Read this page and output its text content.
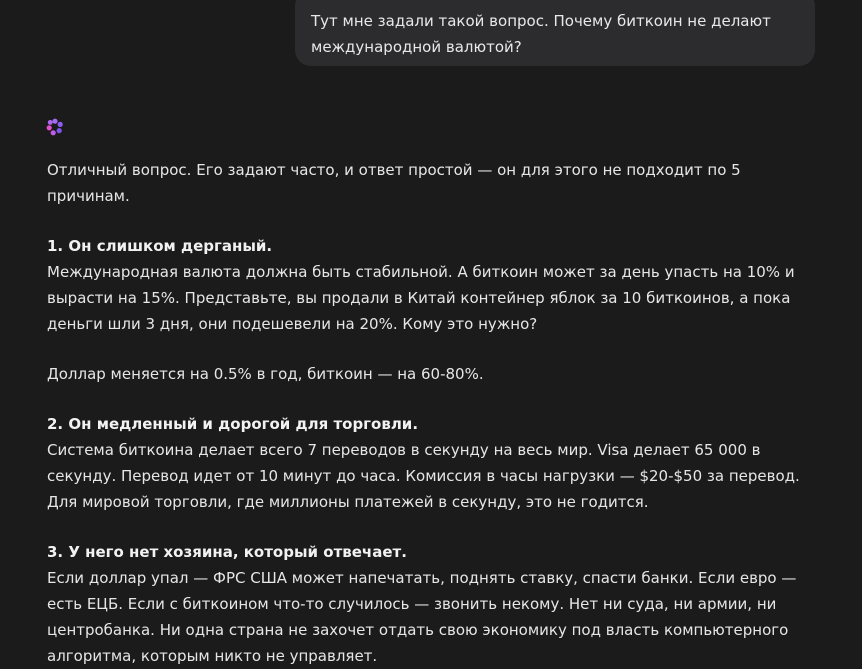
Тут мне задали такой вопрос. Почему биткоин не делают международной валютой?

Отличный вопрос. Его задают часто, и ответ простой — он для этого не подходит по 5 причинам.

1. Он слишком дерганый.

Международная валюта должна быть стабильной. А биткоин может за день упасть на 10% и вырасти на 15%. Представьте, вы продали в Китай контейнер яблок за 10 биткоинов, а пока деньги шли 3 дня, они подешевели на 20%. Кому это нужно?

Доллар меняется на 0.5% в год, биткоин — на 60-80%.

2. Он медленный и дорогой для торговли.

Система биткоина делает всего 7 переводов в секунду на весь мир. Visa делает 65 000 в секунду. Перевод идет от 10 минут до часа. Комиссия в часы нагрузки — $20-$50 за перевод. Для мировой торговли, где миллионы платежей в секунду, это не годится.

3. У него нет хозяина, который отвечает.

Если доллар упал — ФРС США может напечатать, поднять ставку, спасти банки. Если евро — есть ЕЦБ. Если с биткоином что-то случилось — звонить некому. Нет ни суда, ни армии, ни центробанка. Ни одна страна не захочет отдать свою экономику под власть компьютерного алгоритма, которым никто не управляет.
